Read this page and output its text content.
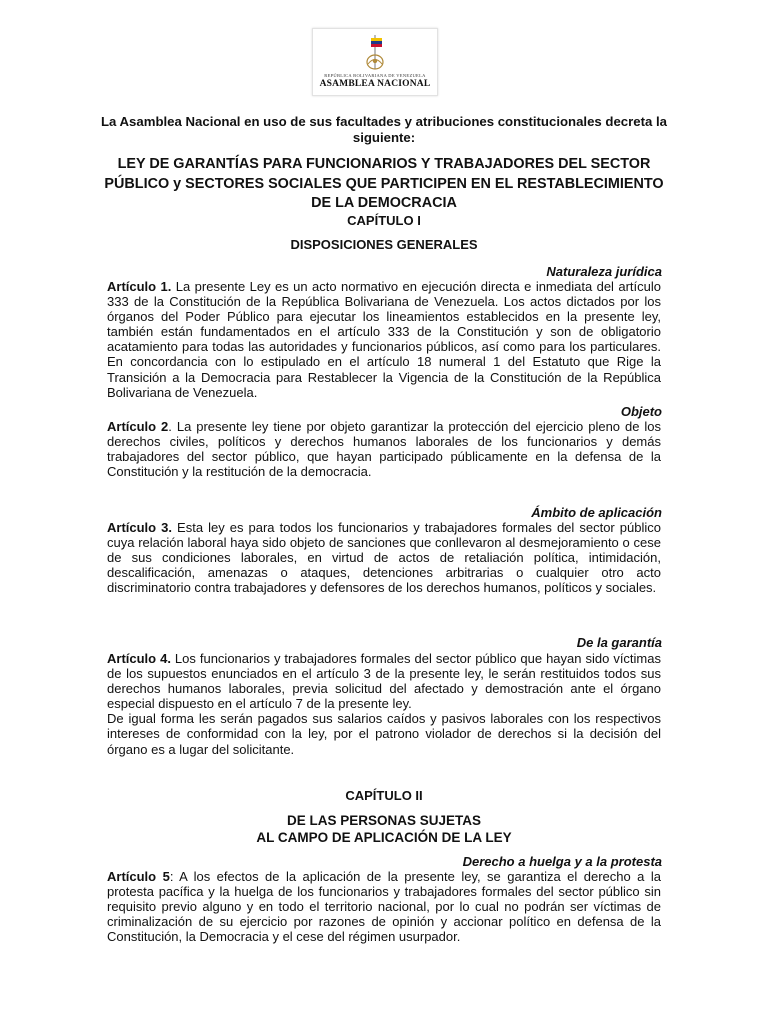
REPÚBLICA BOLIVARIANA DE VENEZUELA
ASAMBLEA NACIONAL
La Asamblea Nacional en uso de sus facultades y atribuciones constitucionales decreta la siguiente:
LEY DE GARANTÍAS PARA FUNCIONARIOS Y TRABAJADORES DEL SECTOR PÚBLICO y SECTORES SOCIALES QUE PARTICIPEN EN EL RESTABLECIMIENTO DE LA DEMOCRACIA
CAPÍTULO I
DISPOSICIONES GENERALES
Naturaleza jurídica

Artículo 1. La presente Ley es un acto normativo en ejecución directa e inmediata del artículo 333 de la Constitución de la República Bolivariana de Venezuela. Los actos dictados por los órganos del Poder Público para ejecutar los lineamientos establecidos en la presente ley, también están fundamentados en el artículo 333 de la Constitución y son de obligatorio acatamiento para todas las autoridades y funcionarios públicos, así como para los particulares. En concordancia con lo estipulado en el artículo 18 numeral 1 del Estatuto que Rige la Transición a la Democracia para Restablecer la Vigencia de la Constitución de la República Bolivariana de Venezuela.

Objeto

Artículo 2. La presente ley tiene por objeto garantizar la protección del ejercicio pleno de los derechos civiles, políticos y derechos humanos laborales de los funcionarios y demás trabajadores del sector público, que hayan participado públicamente en la defensa de la Constitución y la restitución de la democracia.

Ámbito de aplicación

Artículo 3. Esta ley es para todos los funcionarios y trabajadores formales del sector público cuya relación laboral haya sido objeto de sanciones que conllevaron al desmejoramiento o cese de sus condiciones laborales, en virtud de actos de retaliación política, intimidación, descalificación, amenazas o ataques, detenciones arbitrarias o cualquier otro acto discriminatorio contra trabajadores y defensores de los derechos humanos, políticos y sociales.

De la garantía

Artículo 4. Los funcionarios y trabajadores formales del sector público que hayan sido víctimas de los supuestos enunciados en el artículo 3 de la presente ley, le serán restituidos todos sus derechos humanos laborales, previa solicitud del afectado y demostración ante el órgano especial dispuesto en el artículo 7 de la presente ley.

De igual forma les serán pagados sus salarios caídos y pasivos laborales con los respectivos intereses de conformidad con la ley, por el patrono violador de derechos si la decisión del órgano es a lugar del solicitante.

CAPÍTULO II
DE LAS PERSONAS SUJETAS
AL CAMPO DE APLICACIÓN DE LA LEY
Derecho a huelga y a la protesta

Artículo 5: A los efectos de la aplicación de la presente ley, se garantiza el derecho a la protesta pacífica y la huelga de los funcionarios y trabajadores formales del sector público sin requisito previo alguno y en todo el territorio nacional, por lo cual no podrán ser víctimas de criminalización de su ejercicio por razones de opinión y accionar político en defensa de la Constitución, la Democracia y el cese del régimen usurpador.
